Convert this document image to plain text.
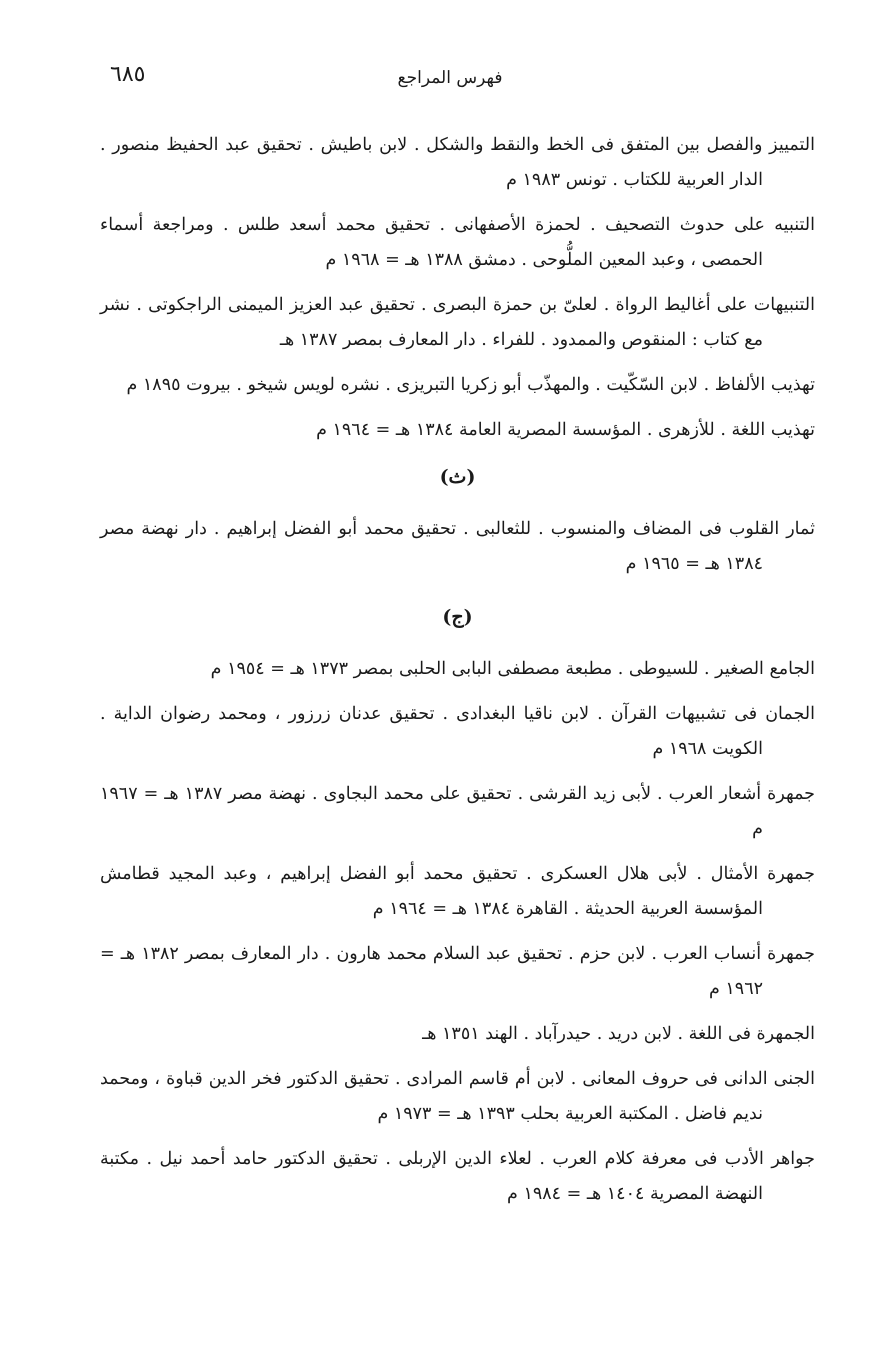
فهرس المراجع
٦٨٥

التمييز والفصل بين المتفق فى الخط والنقط والشكل . لابن باطيش . تحقيق عبد الحفيظ منصور . الدار العربية للكتاب . تونس ١٩٨٣ م

التنبيه على حدوث التصحيف . لحمزة الأصفهانى . تحقيق محمد أسعد طلس . ومراجعة أسماء الحمصى ، وعبد المعين الملُّوحى . دمشق ١٣٨٨ هـ = ١٩٦٨ م

التنبيهات على أغاليط الرواة . لعلىّ بن حمزة البصرى . تحقيق عبد العزيز الميمنى الراجكوتى . نشر مع كتاب : المنقوص والممدود . للفراء . دار المعارف بمصر ١٣٨٧ هـ

تهذيب الألفاظ . لابن السّكّيت . والمهذّب أبو زكريا التبريزى . نشره لويس شيخو . بيروت ١٨٩٥ م

تهذيب اللغة . للأزهرى . المؤسسة المصرية العامة ١٣٨٤ هـ = ١٩٦٤ م

(ث)

ثمار القلوب فى المضاف والمنسوب . للثعالبى . تحقيق محمد أبو الفضل إبراهيم . دار نهضة مصر ١٣٨٤ هـ = ١٩٦٥ م

(ج)

الجامع الصغير . للسيوطى . مطبعة مصطفى البابى الحلبى بمصر ١٣٧٣ هـ = ١٩٥٤ م

الجمان فى تشبيهات القرآن . لابن ناقيا البغدادى . تحقيق عدنان زرزور ، ومحمد رضوان الداية . الكويت ١٩٦٨ م

جمهرة أشعار العرب . لأبى زيد القرشى . تحقيق على محمد البجاوى . نهضة مصر ١٣٨٧ هـ = ١٩٦٧ م

جمهرة الأمثال . لأبى هلال العسكرى . تحقيق محمد أبو الفضل إبراهيم ، وعبد المجيد قطامش المؤسسة العربية الحديثة . القاهرة ١٣٨٤ هـ = ١٩٦٤ م

جمهرة أنساب العرب . لابن حزم . تحقيق عبد السلام محمد هارون . دار المعارف بمصر ١٣٨٢ هـ = ١٩٦٢ م

الجمهرة فى اللغة . لابن دريد . حيدرآباد . الهند ١٣٥١ هـ

الجنى الدانى فى حروف المعانى . لابن أم قاسم المرادى . تحقيق الدكتور فخر الدين قباوة ، ومحمد نديم فاضل . المكتبة العربية بحلب ١٣٩٣ هـ = ١٩٧٣ م

جواهر الأدب فى معرفة كلام العرب . لعلاء الدين الإربلى . تحقيق الدكتور حامد أحمد نيل . مكتبة النهضة المصرية ١٤٠٤ هـ = ١٩٨٤ م
